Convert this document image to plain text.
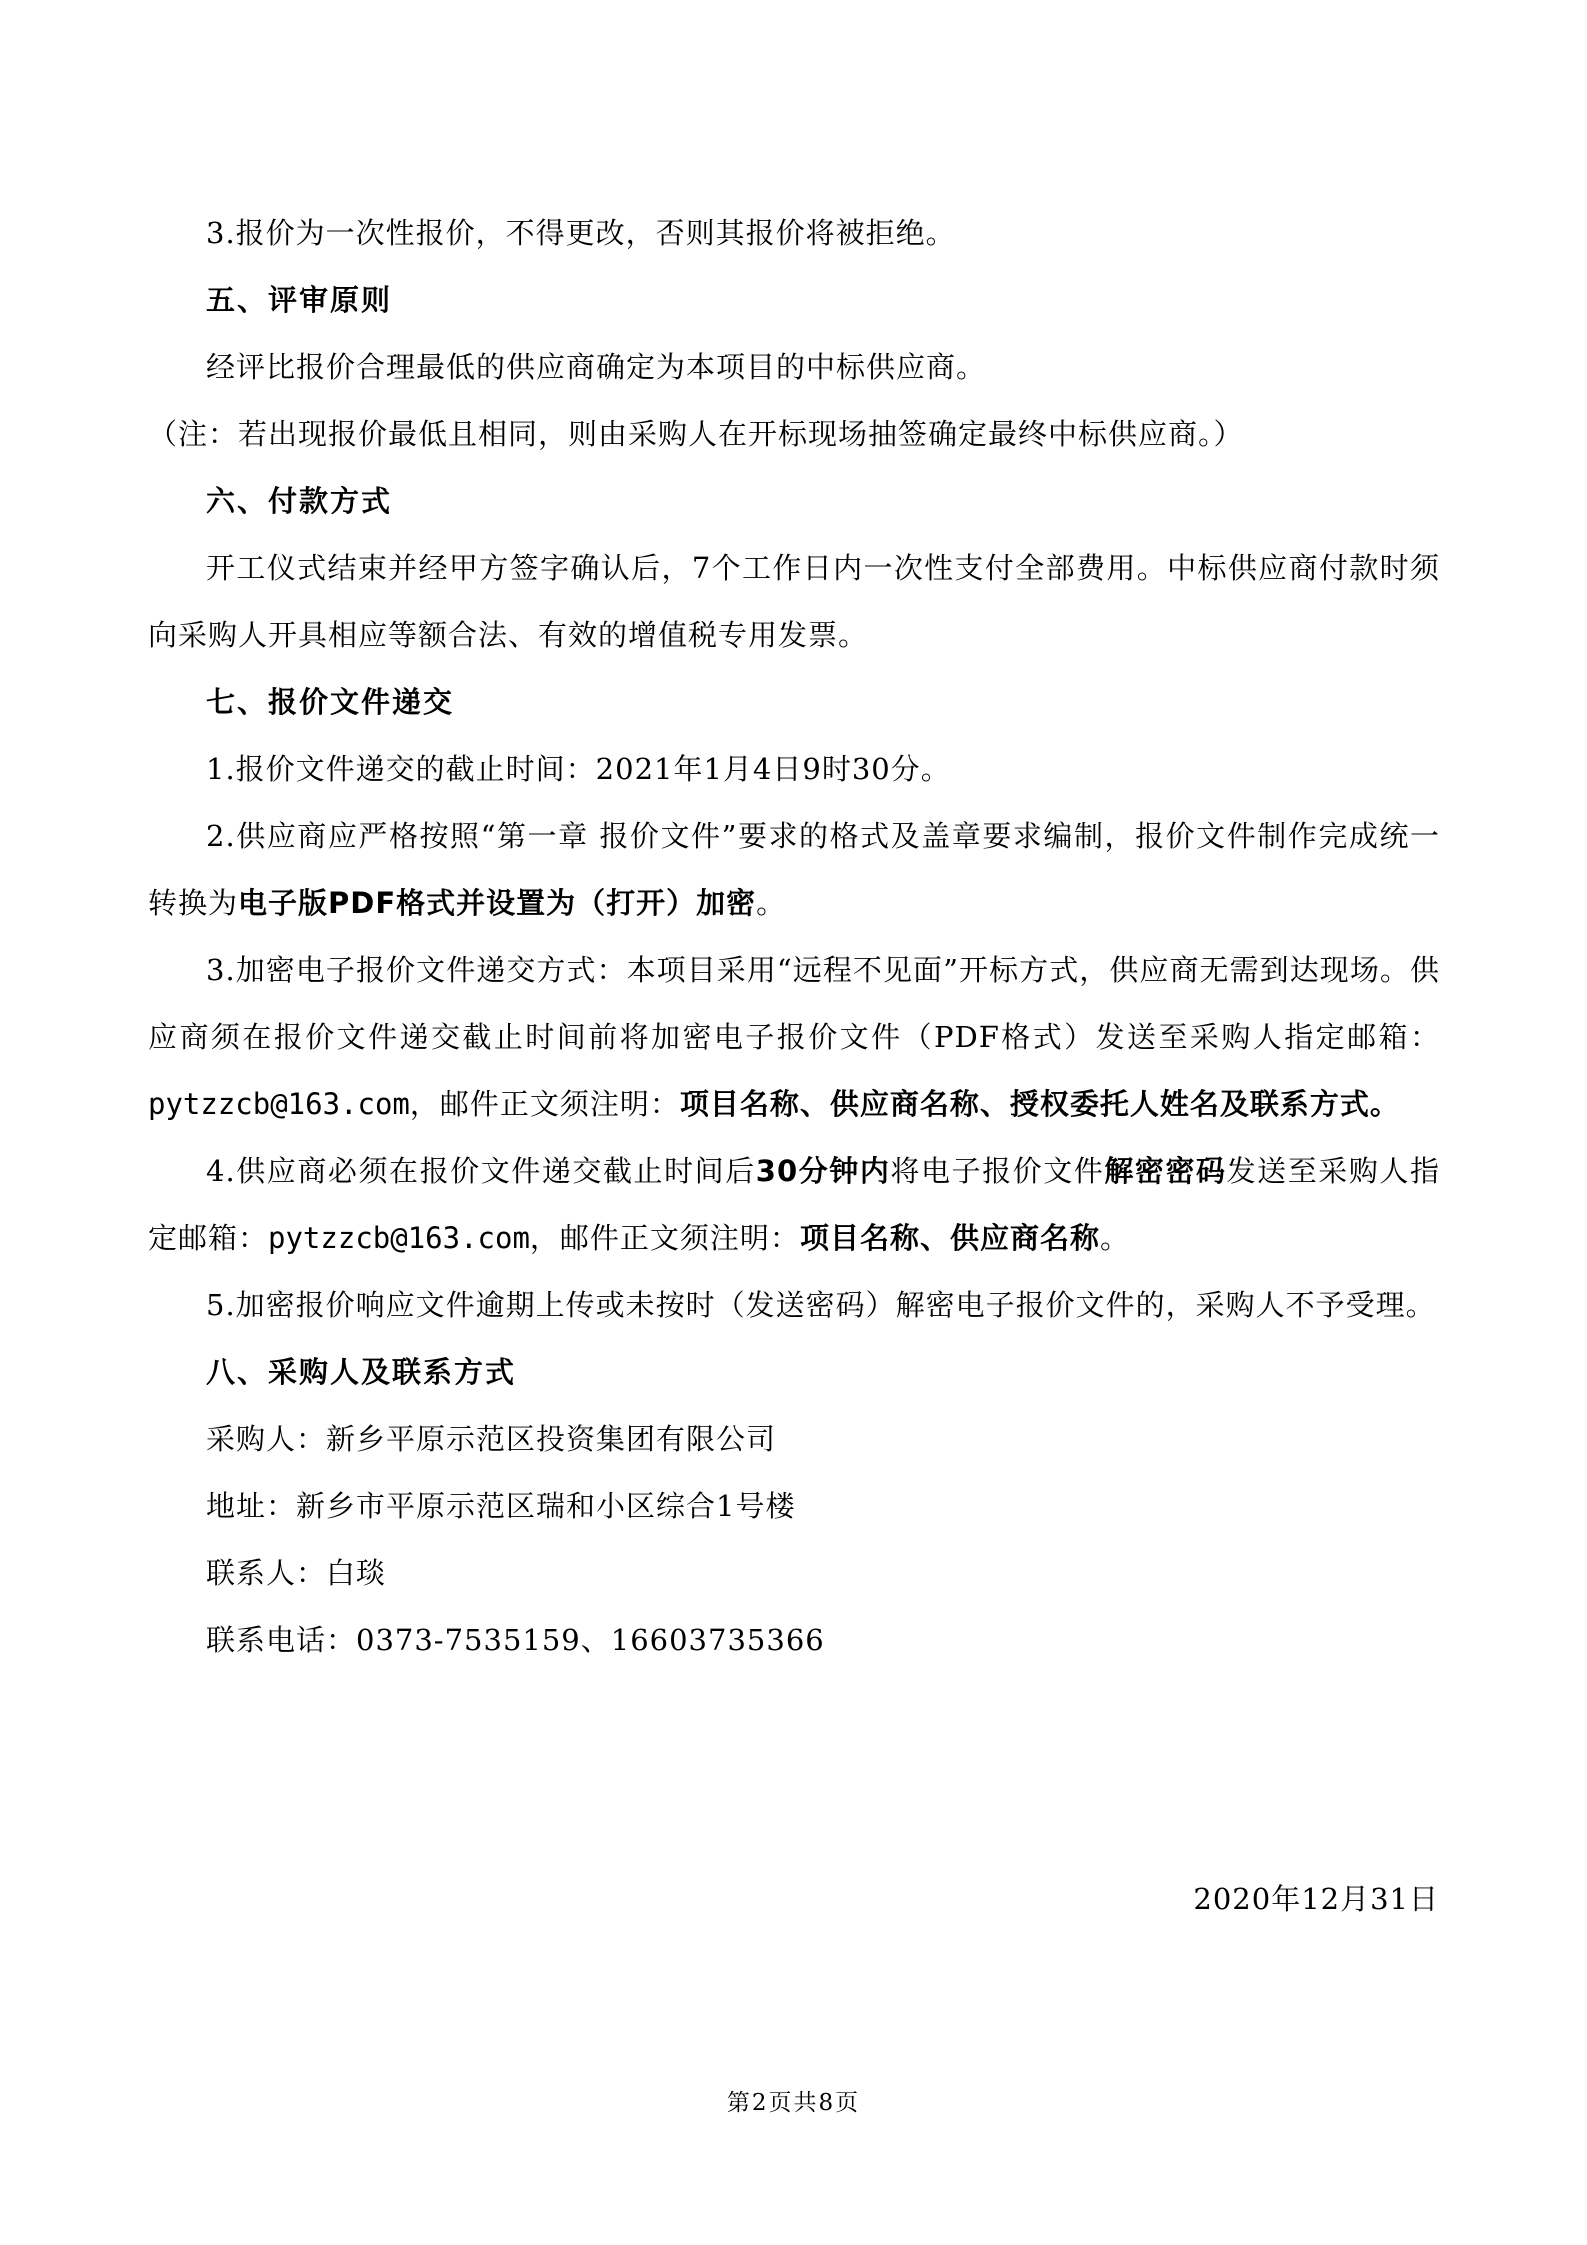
3.报价为一次性报价，不得更改，否则其报价将被拒绝。

五、评审原则

经评比报价合理最低的供应商确定为本项目的中标供应商。

（注：若出现报价最低且相同，则由采购人在开标现场抽签确定最终中标供应商。）

六、付款方式

开工仪式结束并经甲方签字确认后，7个工作日内一次性支付全部费用。中标供应商付款时须向采购人开具相应等额合法、有效的增值税专用发票。

七、报价文件递交

1.报价文件递交的截止时间：2021年1月4日9时30分。

2.供应商应严格按照“第一章 报价文件”要求的格式及盖章要求编制，报价文件制作完成统一转换为电子版PDF格式并设置为（打开）加密。

3.加密电子报价文件递交方式：本项目采用“远程不见面”开标方式，供应商无需到达现场。供应商须在报价文件递交截止时间前将加密电子报价文件（PDF格式）发送至采购人指定邮箱：pytzzcb@163.com，邮件正文须注明：项目名称、供应商名称、授权委托人姓名及联系方式。

4.供应商必须在报价文件递交截止时间后30分钟内将电子报价文件解密密码发送至采购人指定邮箱：pytzzcb@163.com，邮件正文须注明：项目名称、供应商名称。

5.加密报价响应文件逾期上传或未按时（发送密码）解密电子报价文件的，采购人不予受理。

八、采购人及联系方式

采购人：新乡平原示范区投资集团有限公司

地址：新乡市平原示范区瑞和小区综合1号楼

联系人：白琰

联系电话：0373-7535159、16603735366

2020年12月31日
第2页共8页
